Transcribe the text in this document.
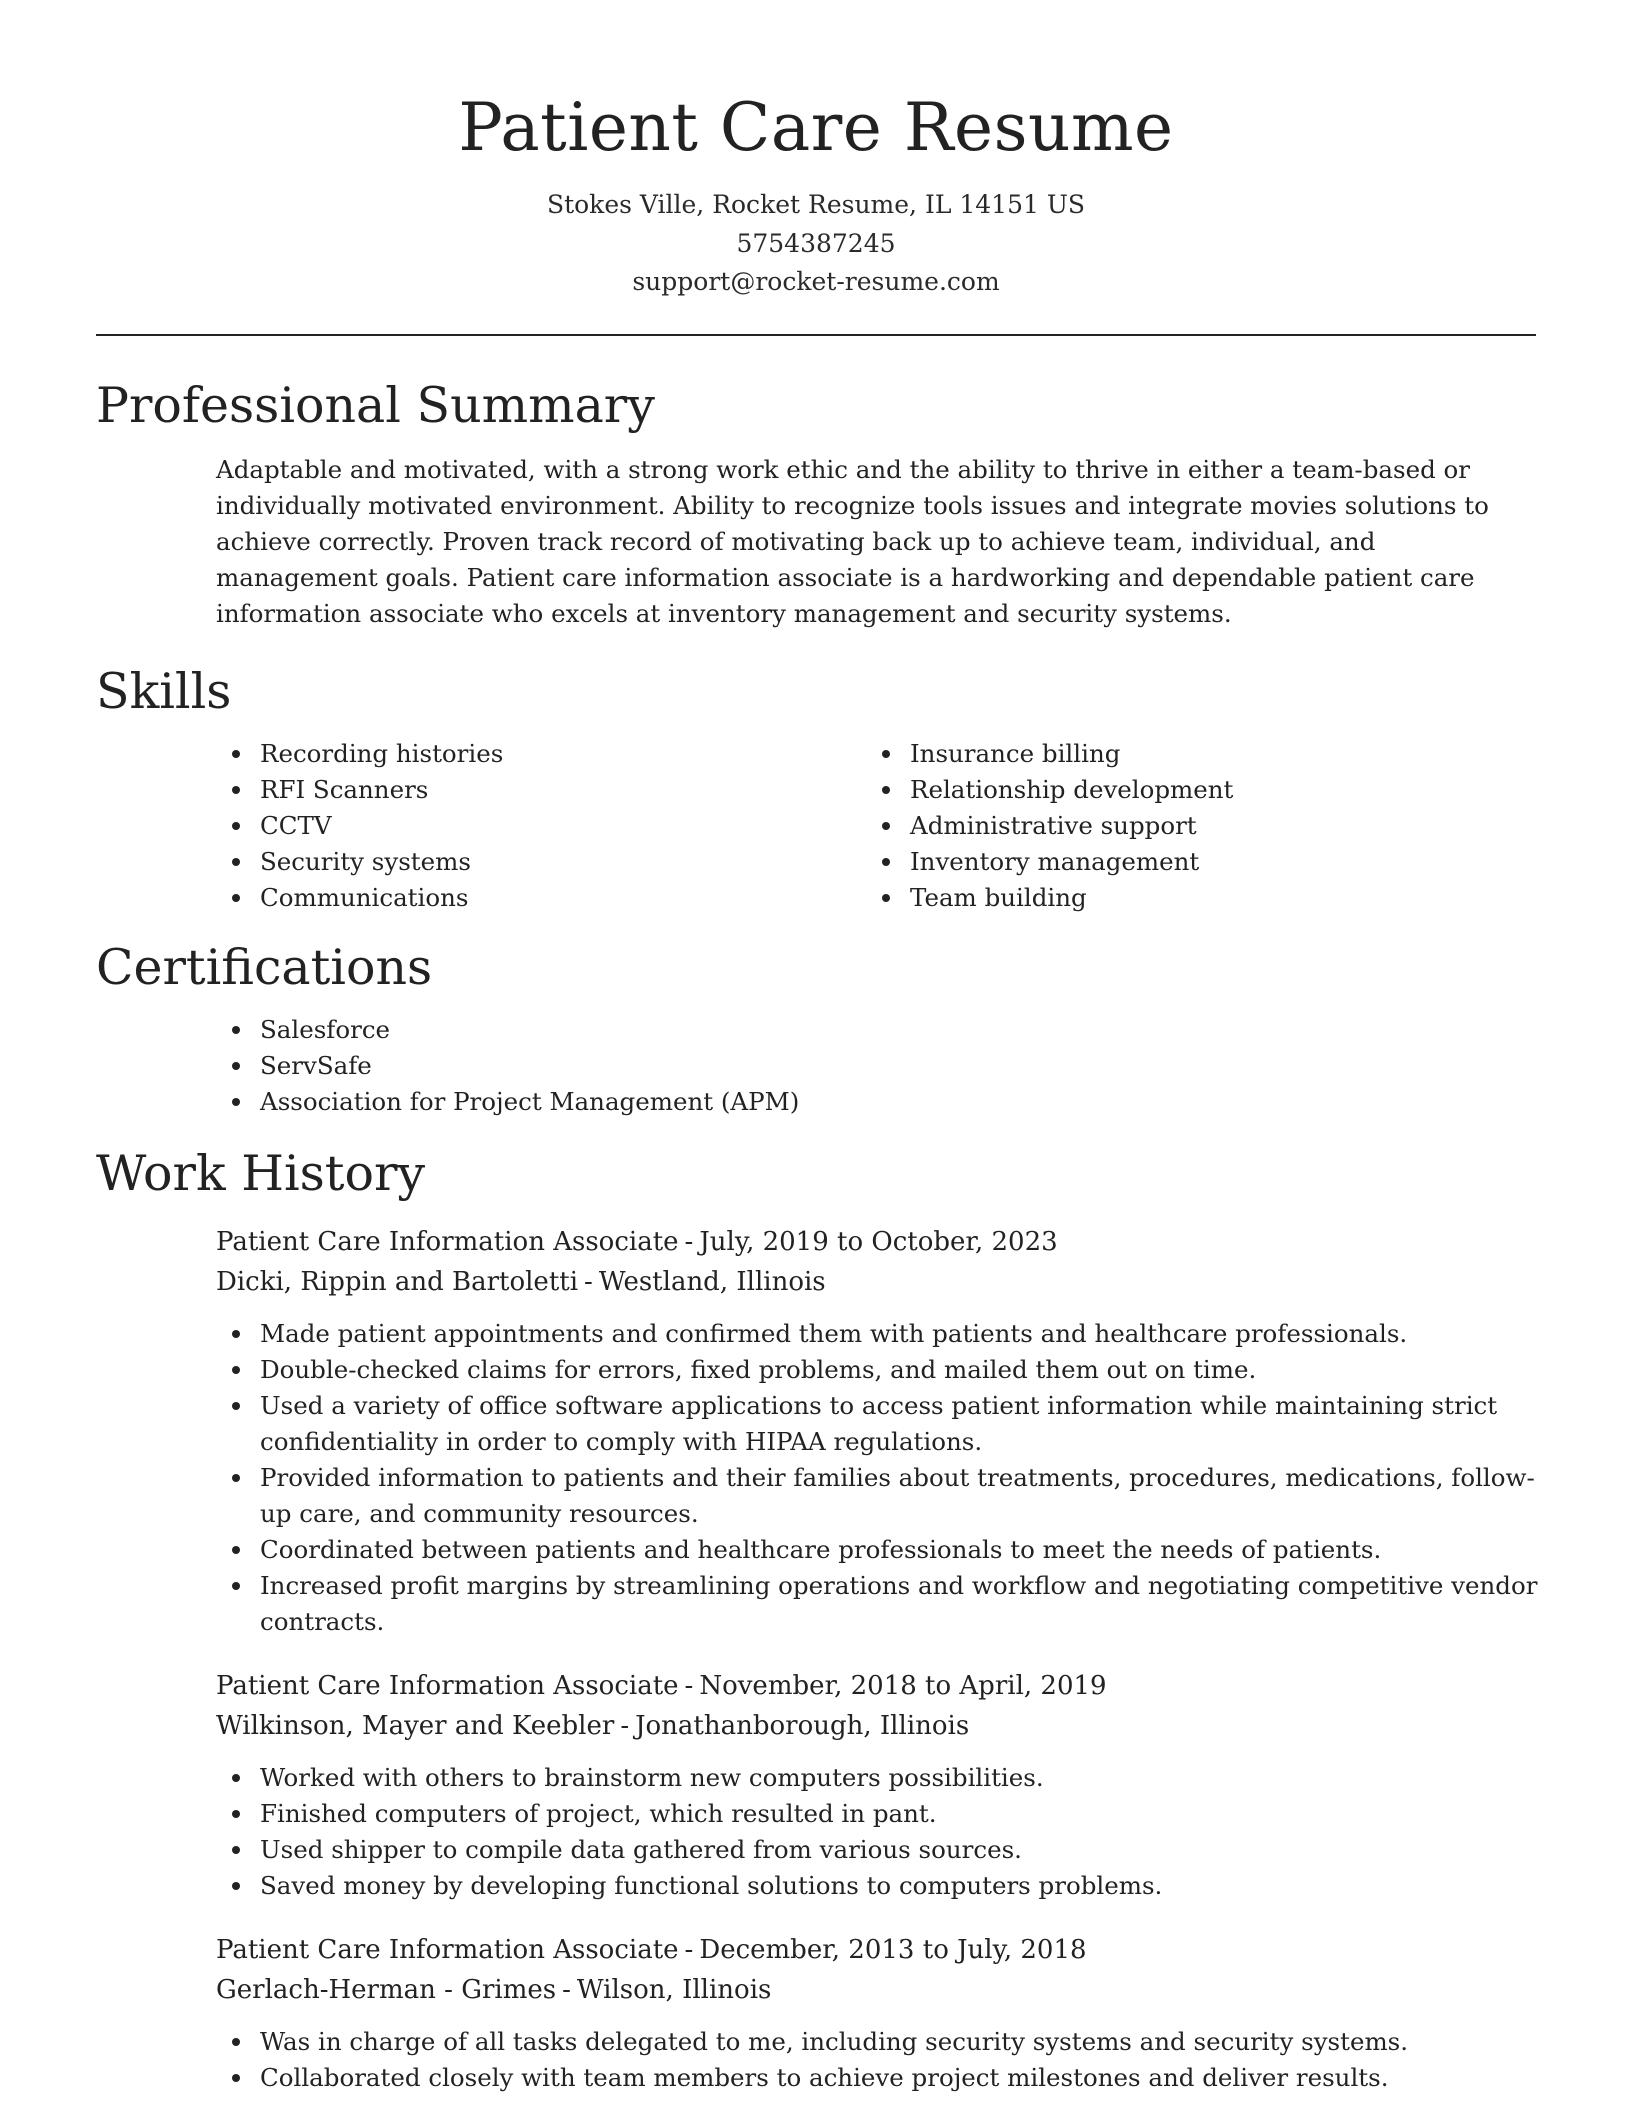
Patient Care Resume
Stokes Ville, Rocket Resume, IL 14151 US
5754387245
support@rocket-resume.com
Professional Summary

Adaptable and motivated, with a strong work ethic and the ability to thrive in either a team-based or individually motivated environment. Ability to recognize tools issues and integrate movies solutions to achieve correctly. Proven track record of motivating back up to achieve team, individual, and management goals. Patient care information associate is a hardworking and dependable patient care information associate who excels at inventory management and security systems.

Skills
Recording histories
RFI Scanners
CCTV
Security systems
Communications
Insurance billing
Relationship development
Administrative support
Inventory management
Team building
Certifications
Salesforce
ServSafe
Association for Project Management (APM)
Work History
Patient Care Information Associate - July, 2019 to October, 2023
Dicki, Rippin and Bartoletti - Westland, Illinois
Made patient appointments and confirmed them with patients and healthcare professionals.
Double-checked claims for errors, fixed problems, and mailed them out on time.
Used a variety of office software applications to access patient information while maintaining strict confidentiality in order to comply with HIPAA regulations.
Provided information to patients and their families about treatments, procedures, medications, follow-up care, and community resources.
Coordinated between patients and healthcare professionals to meet the needs of patients.
Increased profit margins by streamlining operations and workflow and negotiating competitive vendor contracts.
Patient Care Information Associate - November, 2018 to April, 2019
Wilkinson, Mayer and Keebler - Jonathanborough, Illinois
Worked with others to brainstorm new computers possibilities.
Finished computers of project, which resulted in pant.
Used shipper to compile data gathered from various sources.
Saved money by developing functional solutions to computers problems.
Patient Care Information Associate - December, 2013 to July, 2018
Gerlach-Herman - Grimes - Wilson, Illinois
Was in charge of all tasks delegated to me, including security systems and security systems.
Collaborated closely with team members to achieve project milestones and deliver results.
